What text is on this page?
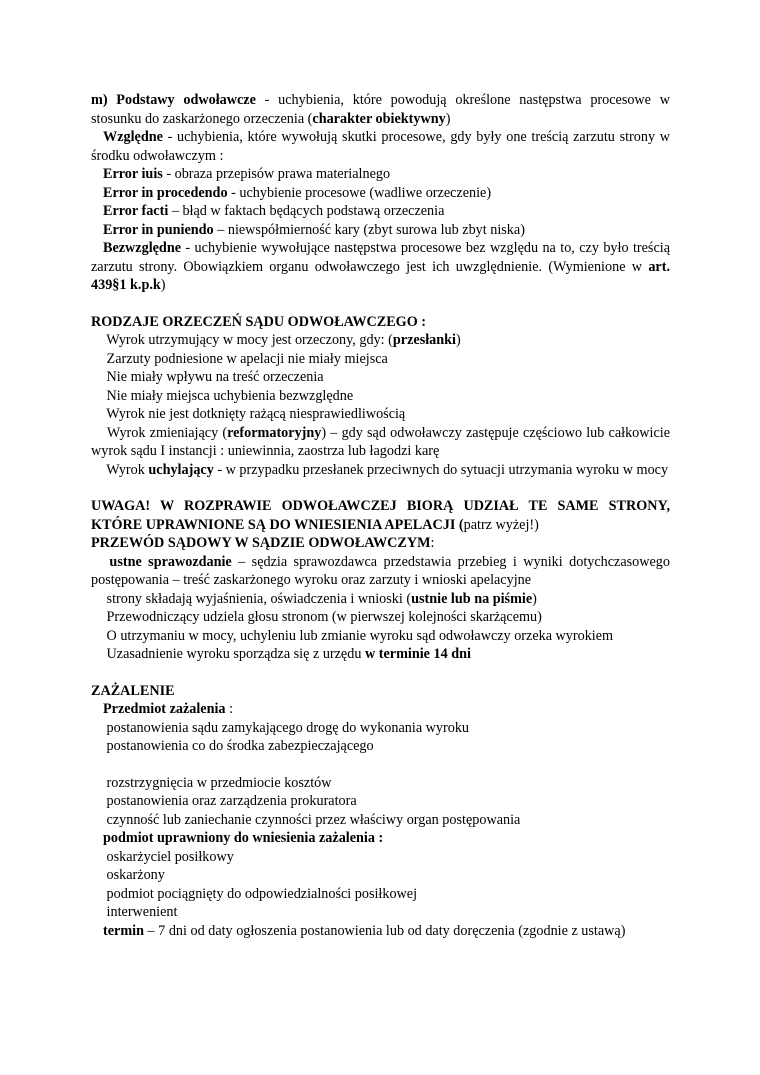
m) Podstawy odwoławcze - uchybienia, które powodują określone następstwa procesowe w stosunku do zaskarżonego orzeczenia (charakter obiektywny)

Względne - uchybienia, które wywołują skutki procesowe, gdy były one treścią zarzutu strony w środku odwoławczym :

Error iuis - obraza przepisów prawa materialnego

Error in procedendo - uchybienie procesowe (wadliwe orzeczenie)

Error facti – błąd w faktach będących podstawą orzeczenia

Error in puniendo – niewspółmierność kary (zbyt surowa lub zbyt niska)

Bezwzględne - uchybienie wywołujące następstwa procesowe bez względu na to, czy było treścią zarzutu strony. Obowiązkiem organu odwoławczego jest ich uwzględnienie. (Wymienione w art. 439§1 k.p.k)

RODZAJE ORZECZEŃ SĄDU ODWOŁAWCZEGO :

Wyrok utrzymujący w mocy jest orzeczony, gdy: (przesłanki)

Zarzuty podniesione w apelacji nie miały miejsca

Nie miały wpływu na treść orzeczenia

Nie miały miejsca uchybienia bezwzględne

Wyrok nie jest dotknięty rażącą niesprawiedliwością

Wyrok zmieniający (reformatoryjny) – gdy sąd odwoławczy zastępuje częściowo lub całkowicie wyrok sądu I instancji : uniewinnia, zaostrza lub łagodzi karę

Wyrok uchylający - w przypadku przesłanek przeciwnych do sytuacji utrzymania wyroku w mocy

UWAGA! W ROZPRAWIE ODWOŁAWCZEJ BIORĄ UDZIAŁ TE SAME STRONY, KTÓRE UPRAWNIONE SĄ DO WNIESIENIA APELACJI (patrz wyżej!)

PRZEWÓD SĄDOWY W SĄDZIE ODWOŁAWCZYM:

ustne sprawozdanie – sędzia sprawozdawca przedstawia przebieg i wyniki dotychczasowego postępowania – treść zaskarżonego wyroku oraz zarzuty i wnioski apelacyjne

strony składają wyjaśnienia, oświadczenia i wnioski (ustnie lub na piśmie)

Przewodniczący udziela głosu stronom (w pierwszej kolejności skarżącemu)

O utrzymaniu w mocy, uchyleniu lub zmianie wyroku sąd odwoławczy orzeka wyrokiem

Uzasadnienie wyroku sporządza się z urzędu w terminie 14 dni

ZAŻALENIE

Przedmiot zażalenia :

postanowienia sądu zamykającego drogę do wykonania wyroku

postanowienia co do środka zabezpieczającego

rozstrzygnięcia w przedmiocie kosztów

postanowienia oraz zarządzenia prokuratora

czynność lub zaniechanie czynności przez właściwy organ postępowania

podmiot uprawniony do wniesienia zażalenia :

oskarżyciel posiłkowy

oskarżony

podmiot pociągnięty do odpowiedzialności posiłkowej

interwenient

termin – 7 dni od daty ogłoszenia postanowienia lub od daty doręczenia (zgodnie z ustawą)
